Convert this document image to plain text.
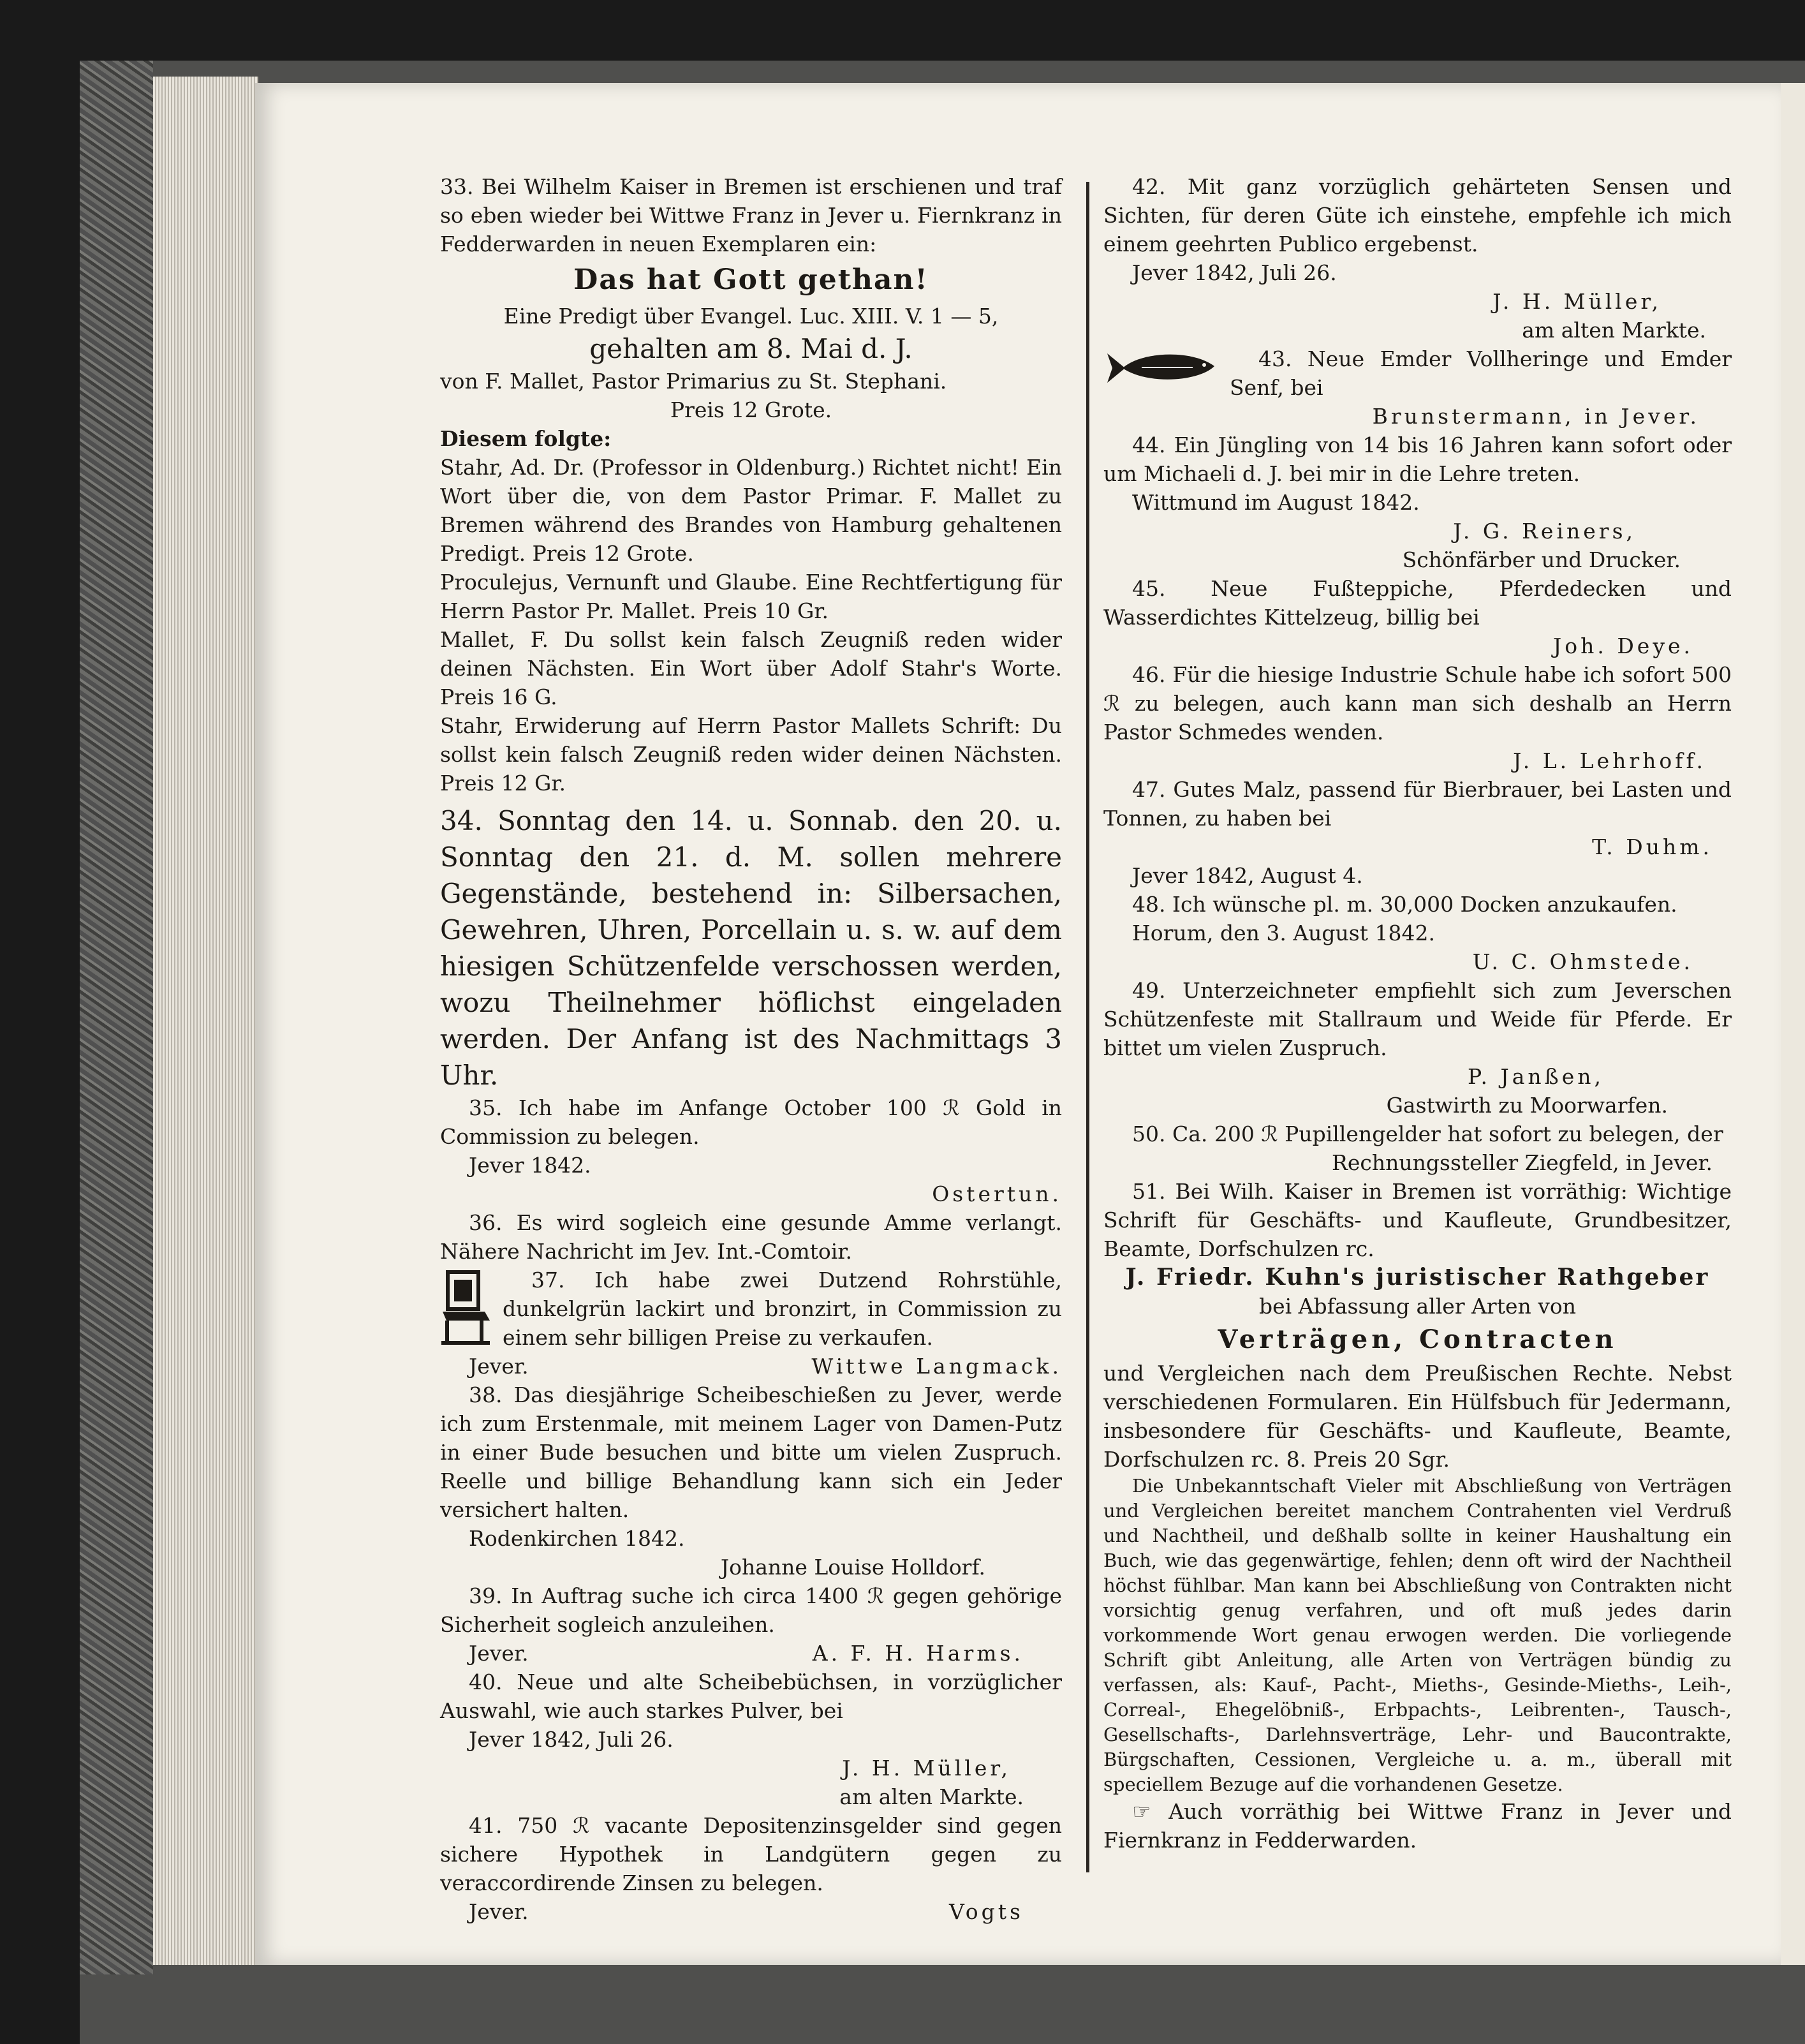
33. Bei Wilhelm Kaiser in Bremen ist erschienen und traf so eben wieder bei Wittwe Franz in Jever u. Fiernkranz in Fedderwarden in neuen Exemplaren ein:

Das hat Gott gethan!

Eine Predigt über Evangel. Luc. XIII. V. 1 — 5,

gehalten am 8. Mai d. J.

von F. Mallet, Pastor Primarius zu St. Stephani.

Preis 12 Grote.

Diesem folgte:

Stahr, Ad. Dr. (Professor in Oldenburg.) Richtet nicht! Ein Wort über die, von dem Pastor Primar. F. Mallet zu Bremen während des Brandes von Hamburg gehaltenen Predigt. Preis 12 Grote.

Proculejus, Vernunft und Glaube. Eine Rechtfertigung für Herrn Pastor Pr. Mallet. Preis 10 Gr.

Mallet, F. Du sollst kein falsch Zeugniß reden wider deinen Nächsten. Ein Wort über Adolf Stahr's Worte. Preis 16 G.

Stahr, Erwiderung auf Herrn Pastor Mallets Schrift: Du sollst kein falsch Zeugniß reden wider deinen Nächsten. Preis 12 Gr.

34. Sonntag den 14. u. Sonnab. den 20. u. Sonntag den 21. d. M. sollen mehrere Gegenstände, bestehend in: Silbersachen, Gewehren, Uhren, Porcellain u. s. w. auf dem hiesigen Schützenfelde verschossen werden, wozu Theilnehmer höflichst eingeladen werden. Der Anfang ist des Nachmittags 3 Uhr.

35. Ich habe im Anfange October 100 ℛ Gold in Commission zu belegen.

Jever 1842.

Ostertun.

36. Es wird sogleich eine gesunde Amme verlangt. Nähere Nachricht im Jev. Int.-Comtoir.

37. Ich habe zwei Dutzend Rohrstühle, dunkelgrün lackirt und bronzirt, in Commission zu einem sehr billigen Preise zu verkaufen.

Jever.	Wittwe Langmack.

38. Das diesjährige Scheibeschießen zu Jever, werde ich zum Erstenmale, mit meinem Lager von Damen-Putz in einer Bude besuchen und bitte um vielen Zuspruch. Reelle und billige Behandlung kann sich ein Jeder versichert halten.

Rodenkirchen 1842.

Johanne Louise Holldorf.

39. In Auftrag suche ich circa 1400 ℛ gegen gehörige Sicherheit sogleich anzuleihen.

Jever.	A. F. H. Harms.

40. Neue und alte Scheibebüchsen, in vorzüglicher Auswahl, wie auch starkes Pulver, bei

Jever 1842, Juli 26.

J. H. Müller,

am alten Markte.

41. 750 ℛ vacante Depositenzinsgelder sind gegen sichere Hypothek in Landgütern gegen zu veraccordirende Zinsen zu belegen.

Jever.	Vogts

42. Mit ganz vorzüglich gehärteten Sensen und Sichten, für deren Güte ich einstehe, empfehle ich mich einem geehrten Publico ergebenst.

Jever 1842, Juli 26.

J. H. Müller,

am alten Markte.

43. Neue Emder Vollheringe und Emder Senf, bei

Brunstermann, in Jever.

44. Ein Jüngling von 14 bis 16 Jahren kann sofort oder um Michaeli d. J. bei mir in die Lehre treten.

Wittmund im August 1842.

J. G. Reiners,

Schönfärber und Drucker.

45. Neue Fußteppiche, Pferdedecken und Wasserdichtes Kittelzeug, billig bei

Joh. Deye.

46. Für die hiesige Industrie Schule habe ich sofort 500 ℛ zu belegen, auch kann man sich deshalb an Herrn Pastor Schmedes wenden.

J. L. Lehrhoff.

47. Gutes Malz, passend für Bierbrauer, bei Lasten und Tonnen, zu haben bei

T. Duhm.

Jever 1842, August 4.

48. Ich wünsche pl. m. 30,000 Docken anzukaufen.

Horum, den 3. August 1842.

U. C. Ohmstede.

49. Unterzeichneter empfiehlt sich zum Jeverschen Schützenfeste mit Stallraum und Weide für Pferde. Er bittet um vielen Zuspruch.

P. Janßen,

Gastwirth zu Moorwarfen.

50. Ca. 200 ℛ Pupillengelder hat sofort zu belegen, der

Rechnungssteller Ziegfeld, in Jever.

51. Bei Wilh. Kaiser in Bremen ist vorräthig: Wichtige Schrift für Geschäfts- und Kaufleute, Grundbesitzer, Beamte, Dorfschulzen rc.

J. Friedr. Kuhn's juristischer Rathgeber

bei Abfassung aller Arten von

Verträgen, Contracten

und Vergleichen nach dem Preußischen Rechte. Nebst verschiedenen Formularen. Ein Hülfsbuch für Jedermann, insbesondere für Geschäfts- und Kaufleute, Beamte, Dorfschulzen rc. 8. Preis 20 Sgr.

Die Unbekanntschaft Vieler mit Abschließung von Verträgen und Vergleichen bereitet manchem Contrahenten viel Verdruß und Nachtheil, und deßhalb sollte in keiner Haushaltung ein Buch, wie das gegenwärtige, fehlen; denn oft wird der Nachtheil höchst fühlbar. Man kann bei Abschließung von Contrakten nicht vorsichtig genug verfahren, und oft muß jedes darin vorkommende Wort genau erwogen werden. Die vorliegende Schrift gibt Anleitung, alle Arten von Verträgen bündig zu verfassen, als: Kauf-, Pacht-, Mieths-, Gesinde-Mieths-, Leih-, Correal-, Ehegelöbniß-, Erbpachts-, Leibrenten-, Tausch-, Gesellschafts-, Darlehnsverträge, Lehr- und Baucontrakte, Bürgschaften, Cessionen, Vergleiche u. a. m., überall mit speciellem Bezuge auf die vorhandenen Gesetze.

☞ Auch vorräthig bei Wittwe Franz in Jever und Fiernkranz in Fedderwarden.
